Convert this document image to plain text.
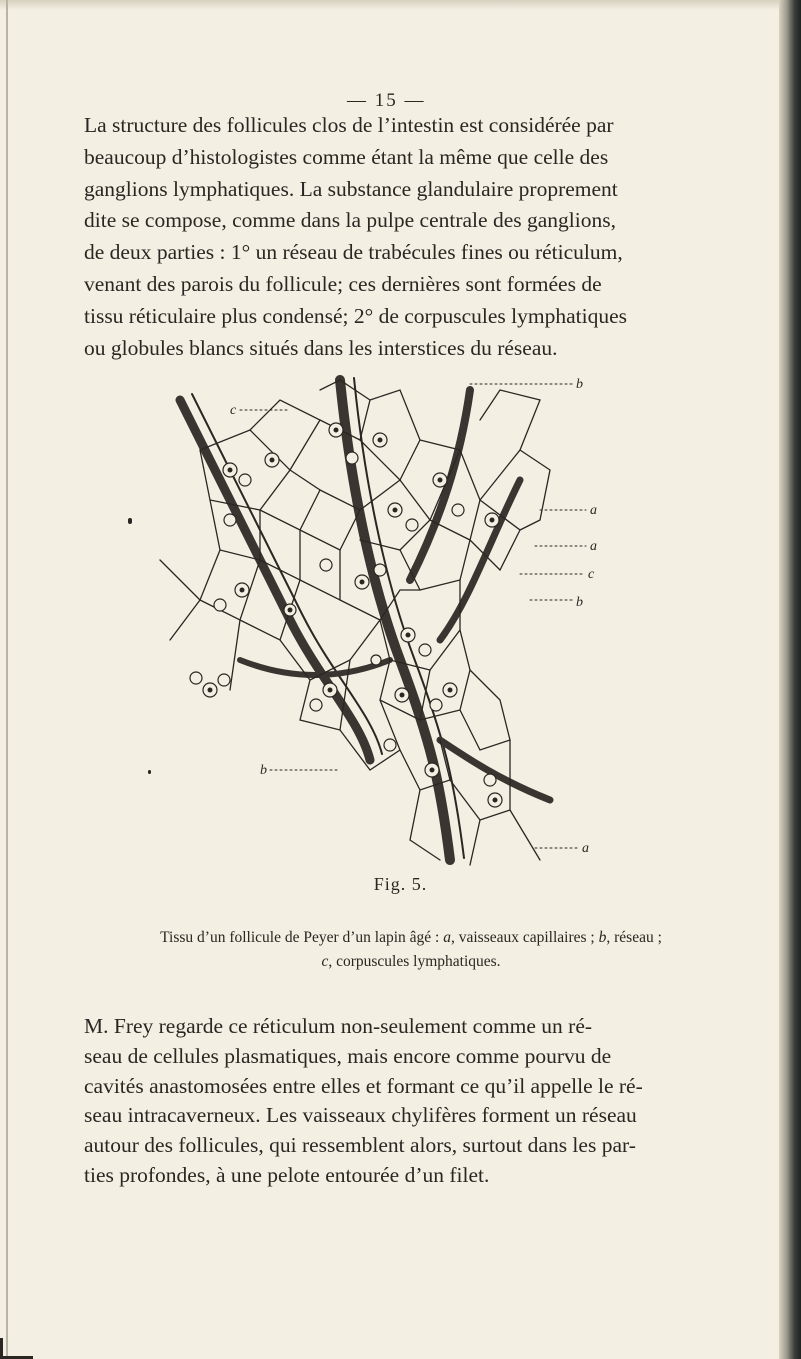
— 15 —

La structure des follicules clos de l’intestin est considérée par
beaucoup d’histologistes comme étant la même que celle des
ganglions lymphatiques. La substance glandulaire proprement
dite se compose, comme dans la pulpe centrale des ganglions,
de deux parties : 1° un réseau de trabécules fines ou réticulum,
venant des parois du follicule; ces dernières sont formées de
tissu réticulaire plus condensé; 2° de corpuscules lymphatiques
ou globules blancs situés dans les interstices du réseau.

b
a
a
c
c
b
b
a
Fig. 5.
Tissu d’un follicule de Peyer d’un lapin âgé : a, vaisseaux capillaires ; b, réseau ;
c, corpuscules lymphatiques.

M. Frey regarde ce réticulum non-seulement comme un ré-
seau de cellules plasmatiques, mais encore comme pourvu de
cavités anastomosées entre elles et formant ce qu’il appelle le ré-
seau intracaverneux. Les vaisseaux chylifères forment un réseau
autour des follicules, qui ressemblent alors, surtout dans les par-
ties profondes, à une pelote entourée d’un filet.
